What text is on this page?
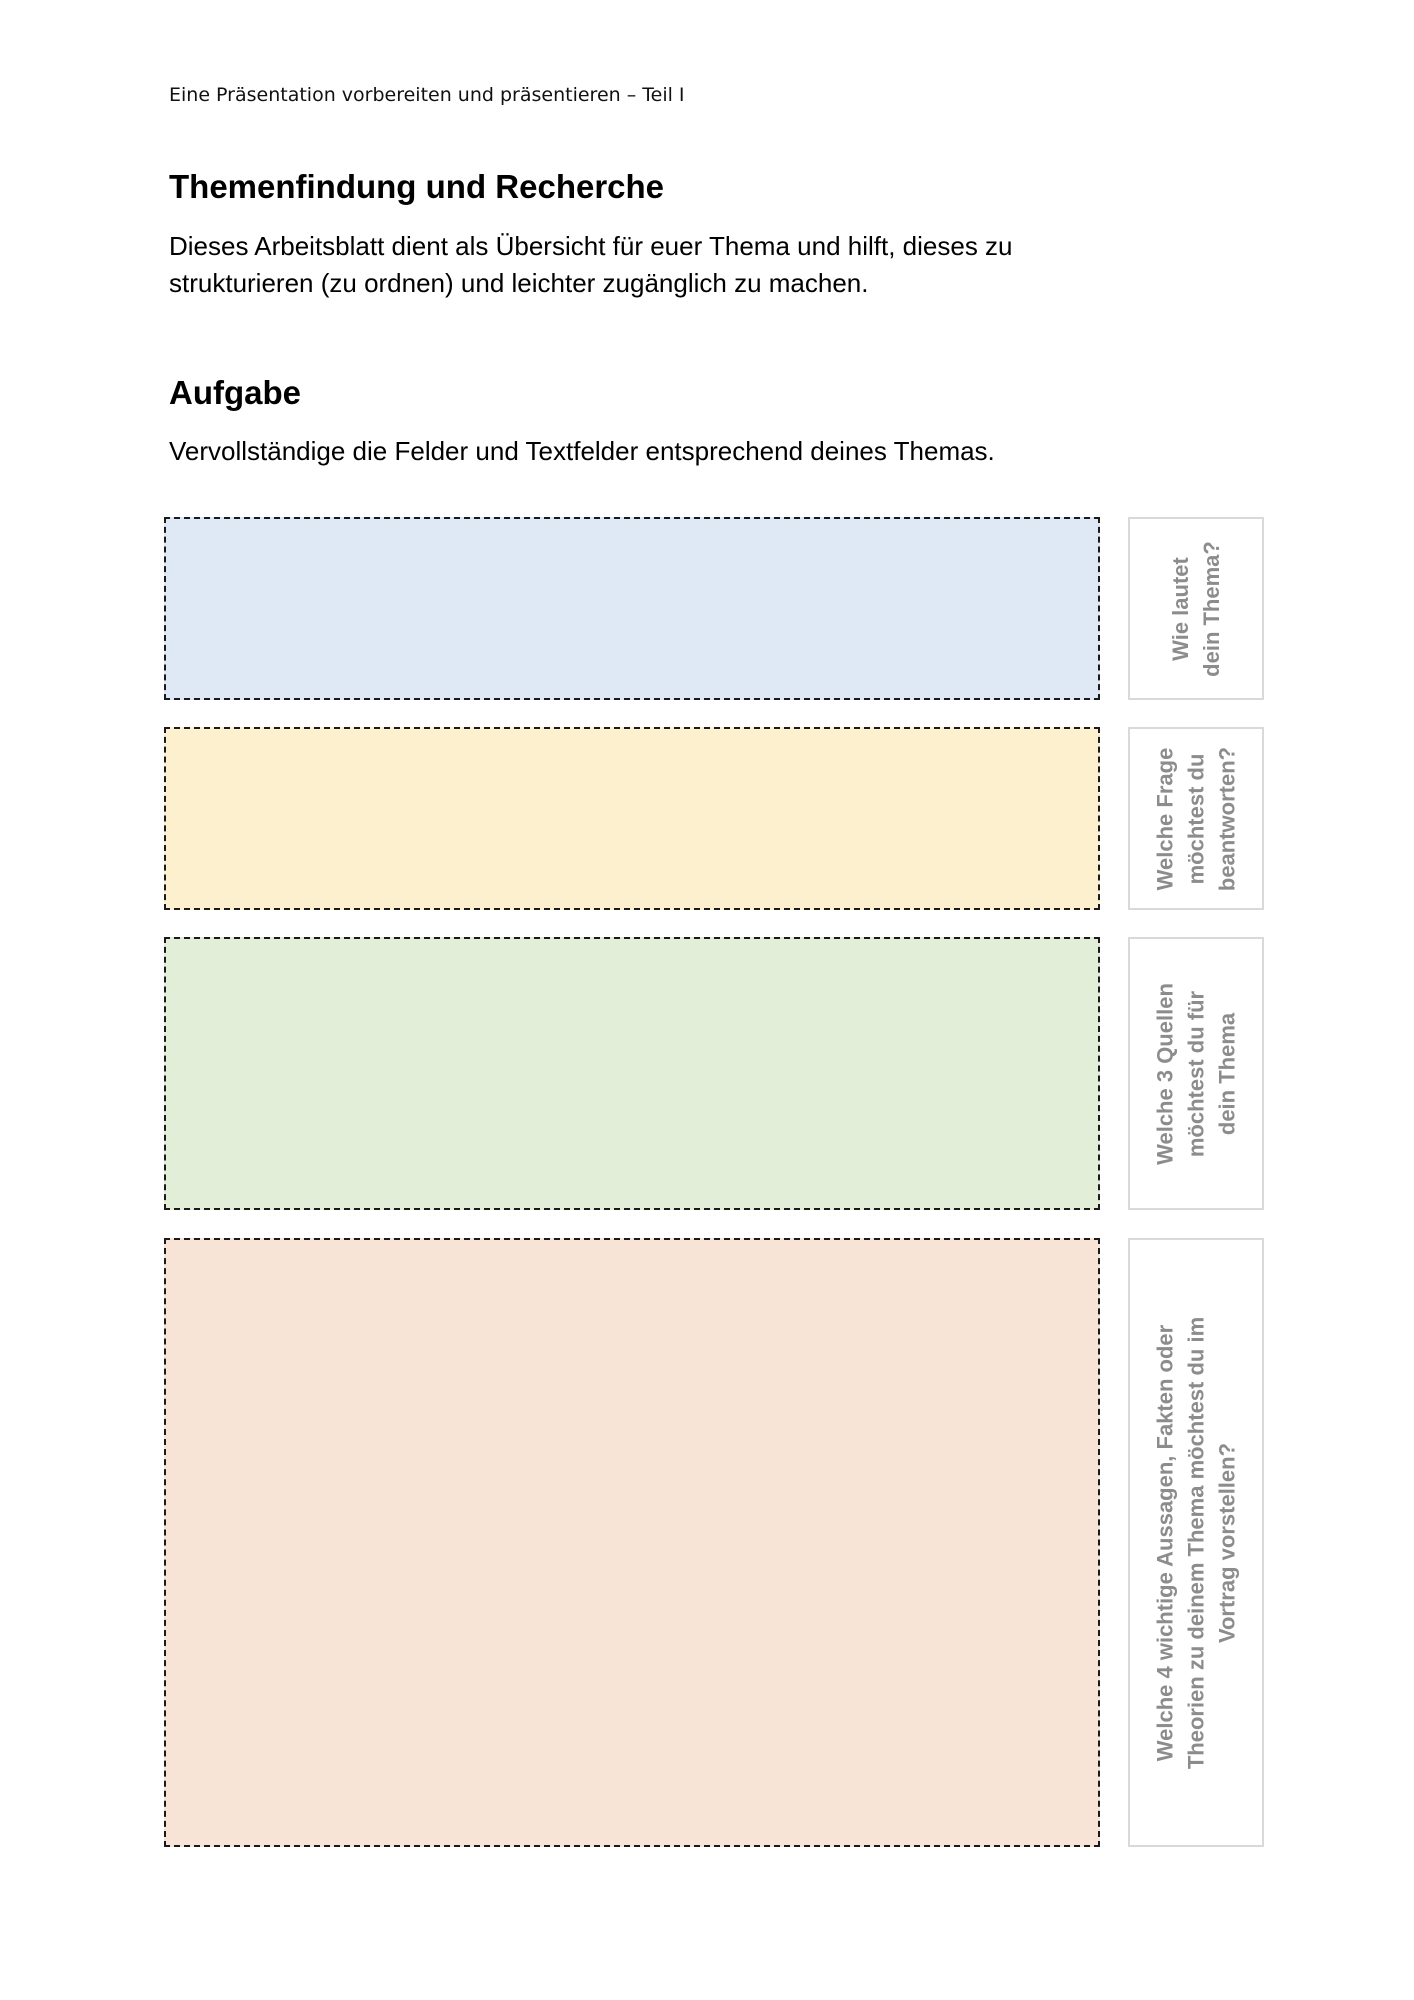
Eine Präsentation vorbereiten und präsentieren – Teil I
Themenfindung und Recherche

Dieses Arbeitsblatt dient als Übersicht für euer Thema und hilft, dieses zu
strukturieren (zu ordnen) und leichter zugänglich zu machen.

Aufgabe

Vervollständige die Felder und Textfelder entsprechend deines Themas.

Wie lautet dein Thema?
Welche Frage möchtest du beantworten?
Welche 3 Quellen möchtest du für dein Thema
Welche 4 wichtige Aussagen, Fakten oder Theorien zu deinem Thema möchtest du im Vortrag vorstellen?
